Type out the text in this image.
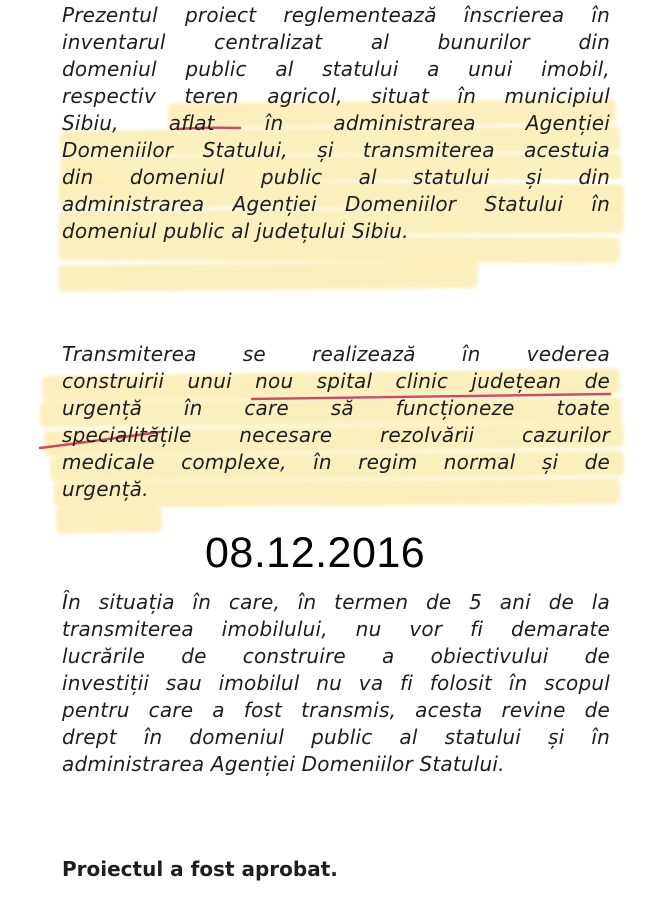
Prezentul proiect reglementează înscrierea în
inventarul centralizat al bunurilor din
domeniul public al statului a unui imobil,
respectiv teren agricol, situat în municipiul
Sibiu, aflat în administrarea Agenției
Domeniilor Statului, și transmiterea acestuia
din domeniul public al statului și din
administrarea Agenției Domeniilor Statului în
domeniul public al județului Sibiu.
Transmiterea se realizează în vederea
construirii unui nou spital clinic județean de
urgență în care să funcționeze toate
specialitățile necesare rezolvării cazurilor
medicale complexe, în regim normal și de
urgență.
08.12.2016
În situația în care, în termen de 5 ani de la
transmiterea imobilului, nu vor fi demarate
lucrările de construire a obiectivului de
investiții sau imobilul nu va fi folosit în scopul
pentru care a fost transmis, acesta revine de
drept în domeniul public al statului și în
administrarea Agenției Domeniilor Statului.
Proiectul a fost aprobat.
